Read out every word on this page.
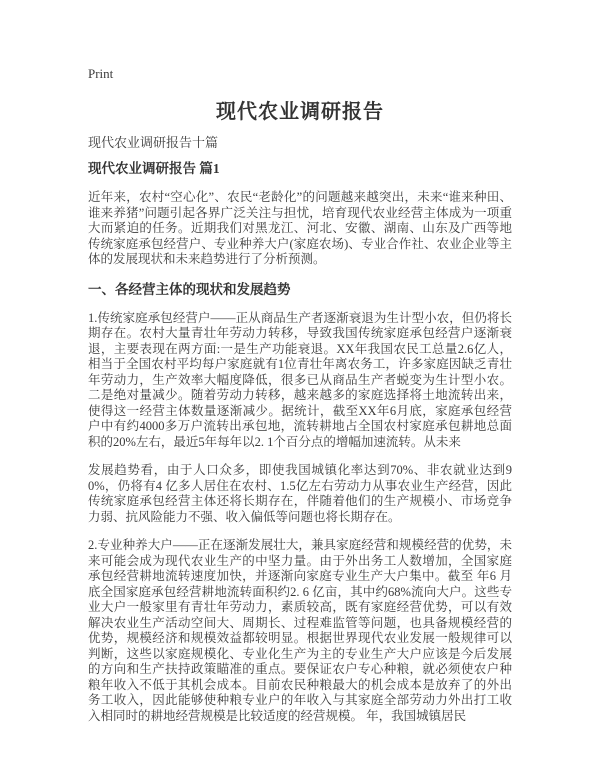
Print
现代农业调研报告
现代农业调研报告十篇
现代农业调研报告 篇1

近年来，农村“空心化”、农民“老龄化”的问题越来越突出，未来“谁来种田、谁来养猪”问题引起各界广泛关注与担忧，培育现代农业经营主体成为一项重大而紧迫的任务。近期我们对黑龙江、河北、安徽、湖南、山东及广西等地传统家庭承包经营户、专业种养大户(家庭农场)、专业合作社、农业企业等主体的发展现状和未来趋势进行了分析预测。

一、各经营主体的现状和发展趋势

1.传统家庭承包经营户——正从商品生产者逐渐衰退为生计型小农，但仍将长期存在。农村大量青壮年劳动力转移，导致我国传统家庭承包经营户逐渐衰退，主要表现在两方面:一是生产功能衰退。XX年我国农民工总量2.6亿人，相当于全国农村平均每户家庭就有1位青壮年离农务工，许多家庭因缺乏青壮年劳动力，生产效率大幅度降低，很多已从商品生产者蜕变为生计型小农。二是绝对量减少。随着劳动力转移，越来越多的家庭选择将土地流转出来，使得这一经营主体数量逐渐减少。据统计，截至XX年6月底，家庭承包经营户中有约4000多万户流转出承包地，流转耕地占全国农村家庭承包耕地总面积的20%左右，最近5年每年以2. 1个百分点的增幅加速流转。从未来

发展趋势看，由于人口众多，即使我国城镇化率达到70%、非农就业达到90%，仍将有4 亿多人居住在农村、1.5亿左右劳动力从事农业生产经营，因此传统家庭承包经营主体还将长期存在，伴随着他们的生产规模小、市场竞争力弱、抗风险能力不强、收入偏低等问题也将长期存在。

2.专业种养大户——正在逐渐发展壮大，兼具家庭经营和规模经营的优势，未来可能会成为现代农业生产的中坚力量。由于外出务工人数增加，全国家庭承包经营耕地流转速度加快，并逐渐向家庭专业生产大户集中。截至 年6 月底全国家庭承包经营耕地流转面积约2. 6 亿亩，其中约68%流向大户。这些专业大户一般家里有青壮年劳动力，素质较高，既有家庭经营优势，可以有效解决农业生产活动空间大、周期长、过程难监管等问题，也具备规模经营的优势，规模经济和规模效益都较明显。根据世界现代农业发展一般规律可以判断，这些以家庭规模化、专业化生产为主的专业生产大户应该是今后发展的方向和生产扶持政策瞄准的重点。要保证农户专心种粮，就必须使农户种粮年收入不低于其机会成本。目前农民种粮最大的机会成本是放弃了的外出务工收入，因此能够使种粮专业户的年收入与其家庭全部劳动力外出打工收入相同时的耕地经营规模是比较适度的经营规模。 年，我国城镇居民
